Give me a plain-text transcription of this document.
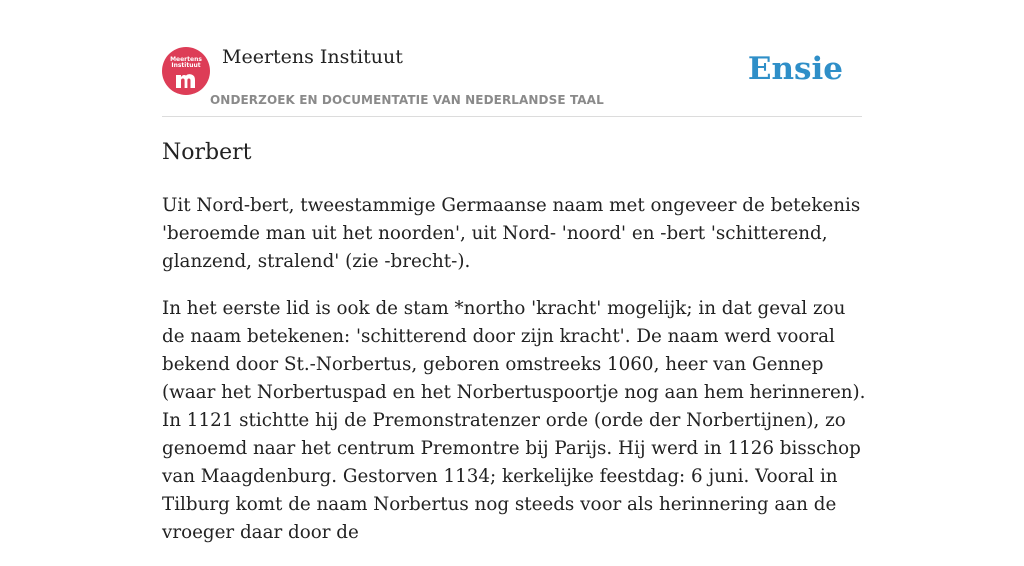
Meertens
Instituut	Meertens Instituut
ONDERZOEK EN DOCUMENTATIE VAN NEDERLANDSE TAAL
Ensie
Norbert

Uit Nord-bert, tweestammige Germaanse naam met ongeveer de betekenis 'beroemde man uit het noorden', uit Nord- 'noord' en -bert 'schitterend, glanzend, stralend' (zie -brecht-).

In het eerste lid is ook de stam *northo 'kracht' mogelijk; in dat geval zou de naam betekenen: 'schitterend door zijn kracht'. De naam werd vooral bekend door St.-Norbertus, geboren omstreeks 1060, heer van Gennep (waar het Norbertuspad en het Norbertuspoortje nog aan hem herinneren). In 1121 stichtte hij de Premonstratenzer orde (orde der Norbertijnen), zo genoemd naar het centrum Premontre bij Parijs. Hij werd in 1126 bisschop van Maagdenburg. Gestorven 1134; kerkelijke feestdag: 6 juni. Vooral in Tilburg komt de naam Norbertus nog steeds voor als herinnering aan de vroeger daar door de
